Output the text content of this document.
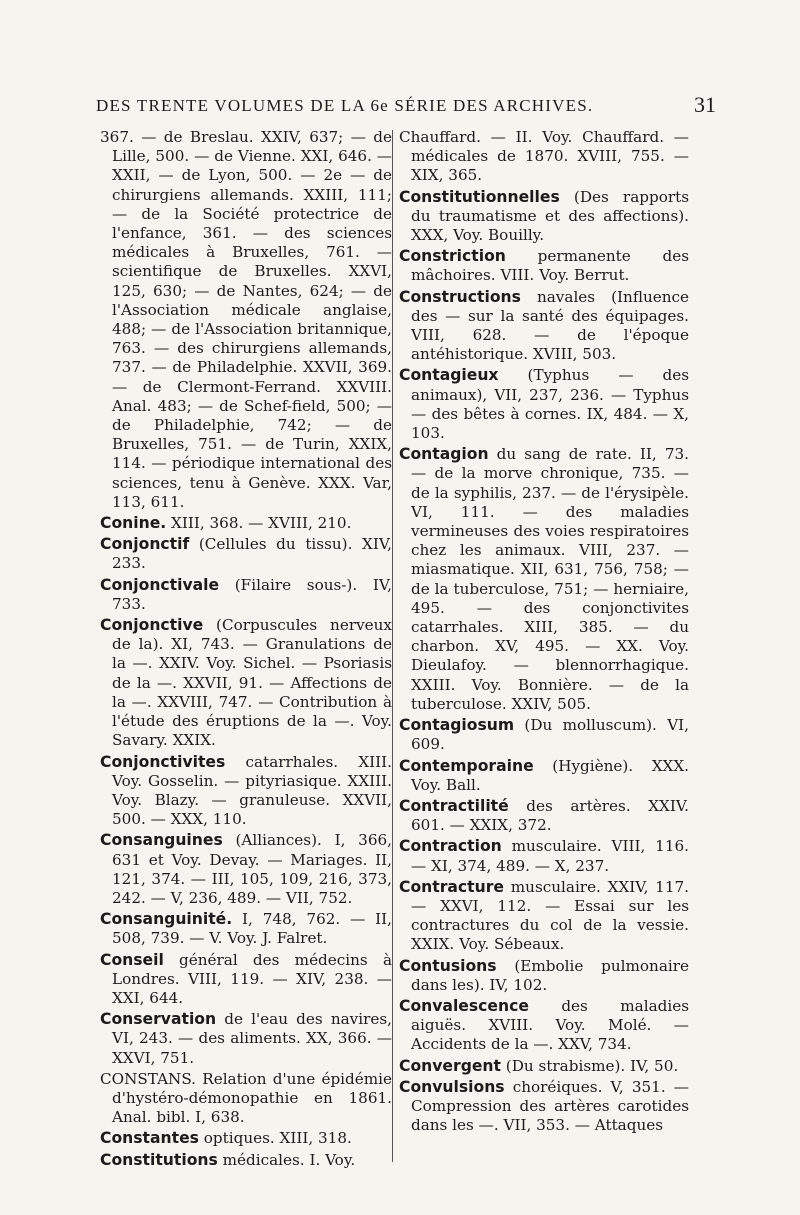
DES TRENTE VOLUMES DE LA 6e SÉRIE DES ARCHIVES.	31
367. — de Breslau. XXIV, 637; — de Lille, 500. — de Vienne. XXI, 646. — XXII, — de Lyon, 500. — 2e — de chirurgiens allemands. XXIII, 111; — de la Société protectrice de l'enfance, 361. — des sciences médicales à Bruxelles, 761. — scientifique de Bruxelles. XXVI, 125, 630; — de Nantes, 624; — de l'Association médicale anglaise, 488; — de l'Association britannique, 763. — des chirurgiens allemands, 737. — de Philadelphie. XXVII, 369. — de Clermont-Ferrand. XXVIII. Anal. 483; — de Schef-field, 500; — de Philadelphie, 742; — de Bruxelles, 751. — de Turin, XXIX, 114. — périodique international des sciences, tenu à Genève. XXX. Var, 113, 611.
Conine. XIII, 368. — XVIII, 210.
Conjonctif (Cellules du tissu). XIV, 233.
Conjonctivale (Filaire sous-). IV, 733.
Conjonctive (Corpuscules nerveux de la). XI, 743. — Granulations de la —. XXIV. Voy. Sichel. — Psoriasis de la —. XXVII, 91. — Affections de la —. XXVIII, 747. — Contribution à l'étude des éruptions de la —. Voy. Savary. XXIX.
Conjonctivites catarrhales. XIII. Voy. Gosselin. — pityriasique. XXIII. Voy. Blazy. — granuleuse. XXVII, 500. — XXX, 110.
Consanguines (Alliances). I, 366, 631 et Voy. Devay. — Mariages. II, 121, 374. — III, 105, 109, 216, 373, 242. — V, 236, 489. — VII, 752.
Consanguinité. I, 748, 762. — II, 508, 739. — V. Voy. J. Falret.
Conseil général des médecins à Londres. VIII, 119. — XIV, 238. — XXI, 644.
Conservation de l'eau des navires, VI, 243. — des aliments. XX, 366. — XXVI, 751.
CONSTANS. Relation d'une épidémie d'hystéro-démonopathie en 1861. Anal. bibl. I, 638.
Constantes optiques. XIII, 318.
Constitutions médicales. I. Voy.
Chauffard. — II. Voy. Chauffard. — médicales de 1870. XVIII, 755. — XIX, 365.
Constitutionnelles (Des rapports du traumatisme et des affections). XXX, Voy. Bouilly.
Constriction permanente des mâchoires. VIII. Voy. Berrut.
Constructions navales (Influence des — sur la santé des équipages. VIII, 628. — de l'époque antéhistorique. XVIII, 503.
Contagieux (Typhus — des animaux), VII, 237, 236. — Typhus — des bêtes à cornes. IX, 484. — X, 103.
Contagion du sang de rate. II, 73. — de la morve chronique, 735. — de la syphilis, 237. — de l'érysipèle. VI, 111. — des maladies vermineuses des voies respiratoires chez les animaux. VIII, 237. — miasmatique. XII, 631, 756, 758; — de la tuberculose, 751; — herniaire, 495. — des conjonctivites catarrhales. XIII, 385. — du charbon. XV, 495. — XX. Voy. Dieulafoy. — blennorrhagique. XXIII. Voy. Bonnière. — de la tuberculose. XXIV, 505.
Contagiosum (Du molluscum). VI, 609.
Contemporaine (Hygiène). XXX. Voy. Ball.
Contractilité des artères. XXIV. 601. — XXIX, 372.
Contraction musculaire. VIII, 116. — XI, 374, 489. — X, 237.
Contracture musculaire. XXIV, 117. — XXVI, 112. — Essai sur les contractures du col de la vessie. XXIX. Voy. Sébeaux.
Contusions (Embolie pulmonaire dans les). IV, 102.
Convalescence des maladies aiguës. XVIII. Voy. Molé. — Accidents de la —. XXV, 734.
Convergent (Du strabisme). IV, 50.
Convulsions choréiques. V, 351. — Compression des artères carotides dans les —. VII, 353. — Attaques
